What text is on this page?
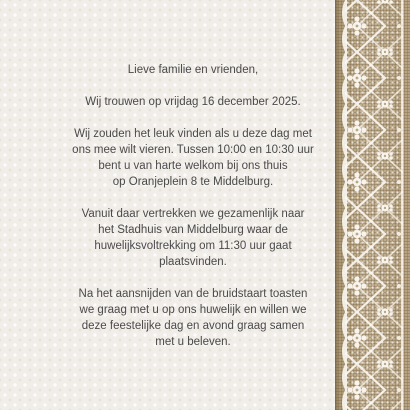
Lieve familie en vrienden,

Wij trouwen op vrijdag 16 december 2025.

Wij zouden het leuk vinden als u deze dag met
ons mee wilt vieren. Tussen 10:00 en 10:30 uur
bent u van harte welkom bij ons thuis
op Oranjeplein 8 te Middelburg.

Vanuit daar vertrekken we gezamenlijk naar
het Stadhuis van Middelburg waar de
huwelijksvoltrekking om 11:30 uur gaat
plaatsvinden.

Na het aansnijden van de bruidstaart toasten
we graag met u op ons huwelijk en willen we
deze feestelijke dag en avond graag samen
met u beleven.
